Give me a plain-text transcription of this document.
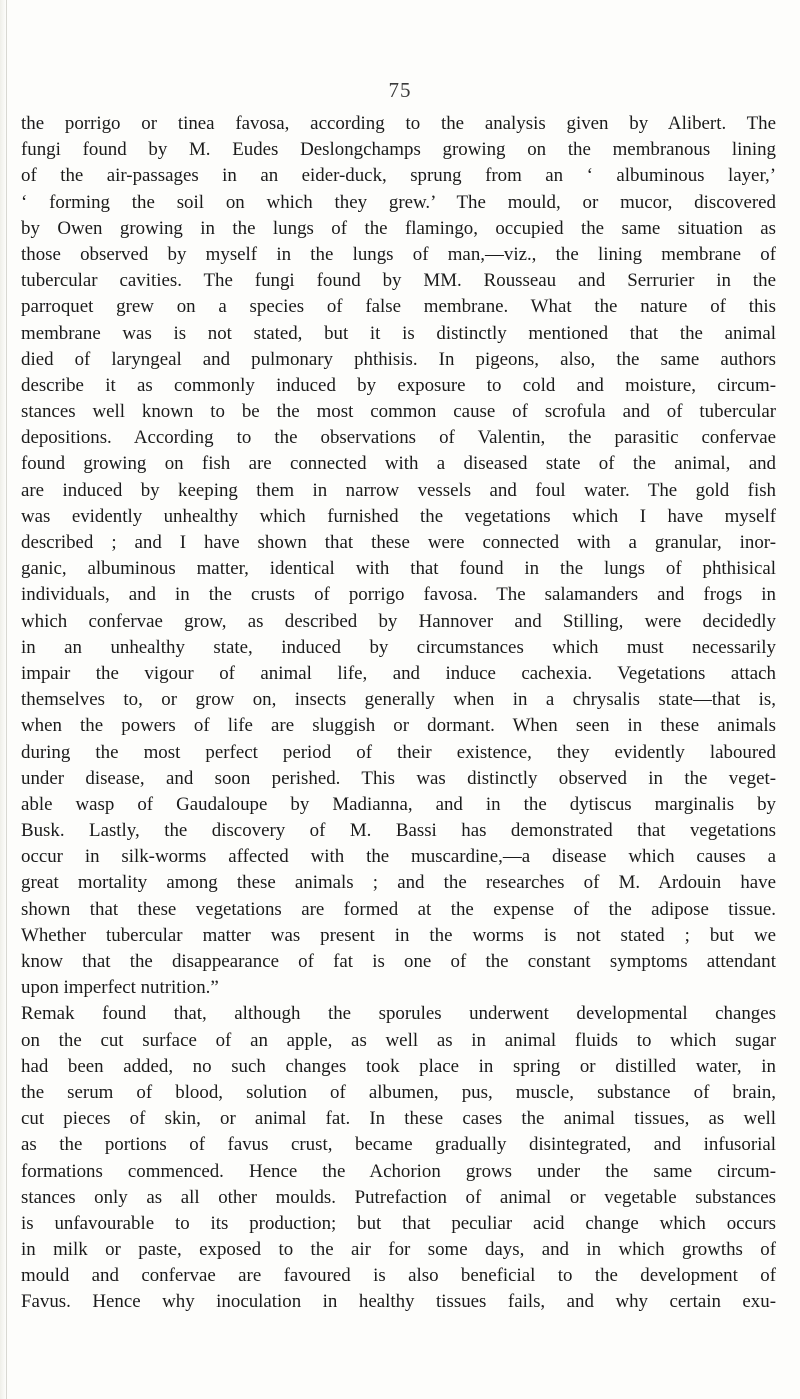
75
the porrigo or tinea favosa, according to the analysis given by Alibert. The
fungi found by M. Eudes Deslongchamps growing on the membranous lining
of the air-passages in an eider-duck, sprung from an ‘ albuminous layer,’
‘ forming the soil on which they grew.’ The mould, or mucor, discovered
by Owen growing in the lungs of the flamingo, occupied the same situation as
those observed by myself in the lungs of man,—viz., the lining membrane of
tubercular cavities. The fungi found by MM. Rousseau and Serrurier in the
parroquet grew on a species of false membrane. What the nature of this
membrane was is not stated, but it is distinctly mentioned that the animal
died of laryngeal and pulmonary phthisis. In pigeons, also, the same authors
describe it as commonly induced by exposure to cold and moisture, circum-
stances well known to be the most common cause of scrofula and of tubercular
depositions. According to the observations of Valentin, the parasitic confervae
found growing on fish are connected with a diseased state of the animal, and
are induced by keeping them in narrow vessels and foul water. The gold fish
was evidently unhealthy which furnished the vegetations which I have myself
described ; and I have shown that these were connected with a granular, inor-
ganic, albuminous matter, identical with that found in the lungs of phthisical
individuals, and in the crusts of porrigo favosa. The salamanders and frogs in
which confervae grow, as described by Hannover and Stilling, were decidedly
in an unhealthy state, induced by circumstances which must necessarily
impair the vigour of animal life, and induce cachexia. Vegetations attach
themselves to, or grow on, insects generally when in a chrysalis state—that is,
when the powers of life are sluggish or dormant. When seen in these animals
during the most perfect period of their existence, they evidently laboured
under disease, and soon perished. This was distinctly observed in the veget-
able wasp of Gaudaloupe by Madianna, and in the dytiscus marginalis by
Busk. Lastly, the discovery of M. Bassi has demonstrated that vegetations
occur in silk-worms affected with the muscardine,—a disease which causes a
great mortality among these animals ; and the researches of M. Ardouin have
shown that these vegetations are formed at the expense of the adipose tissue.
Whether tubercular matter was present in the worms is not stated ; but we
know that the disappearance of fat is one of the constant symptoms attendant
upon imperfect nutrition.”
Remak found that, although the sporules underwent developmental changes
on the cut surface of an apple, as well as in animal fluids to which sugar
had been added, no such changes took place in spring or distilled water, in
the serum of blood, solution of albumen, pus, muscle, substance of brain,
cut pieces of skin, or animal fat. In these cases the animal tissues, as well
as the portions of favus crust, became gradually disintegrated, and infusorial
formations commenced. Hence the Achorion grows under the same circum-
stances only as all other moulds. Putrefaction of animal or vegetable substances
is unfavourable to its production; but that peculiar acid change which occurs
in milk or paste, exposed to the air for some days, and in which growths of
mould and confervae are favoured is also beneficial to the development of
Favus. Hence why inoculation in healthy tissues fails, and why certain exu-
